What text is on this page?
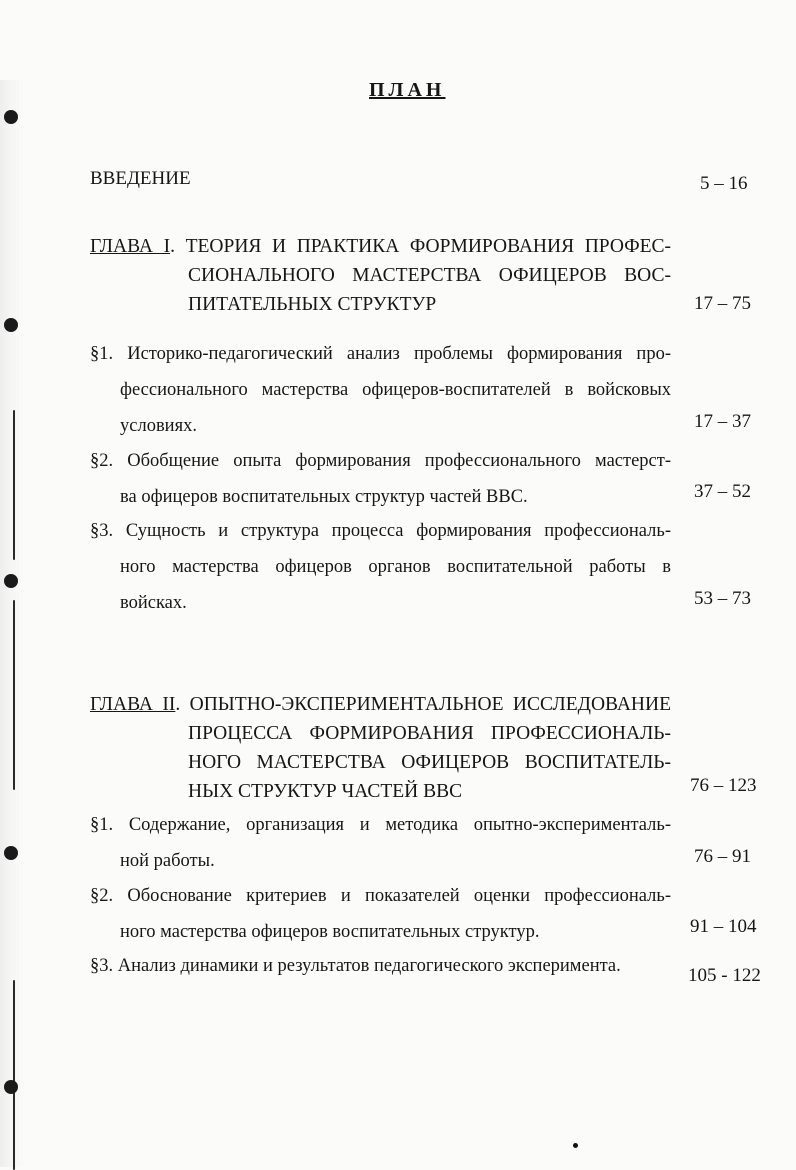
ПЛАН
ВВЕДЕНИЕ	5 – 16
ГЛАВА I. ТЕОРИЯ И ПРАКТИКА ФОРМИРОВАНИЯ ПРОФЕС-
СИОНАЛЬНОГО МАСТЕРСТВА ОФИЦЕРОВ ВОС-
ПИТАТЕЛЬНЫХ СТРУКТУР	17 – 75
§1. Историко-педагогический анализ проблемы формирования про-
фессионального мастерства офицеров-воспитателей в войсковых
условиях.	17 – 37
§2. Обобщение опыта формирования профессионального мастерст-
ва офицеров воспитательных структур частей ВВС.	37 – 52
§3. Сущность и структура процесса формирования профессиональ-
ного мастерства офицеров органов воспитательной работы в
войсках.	53 – 73
ГЛАВА II. ОПЫТНО-ЭКСПЕРИМЕНТАЛЬНОЕ ИССЛЕДОВАНИЕ
ПРОЦЕССА ФОРМИРОВАНИЯ ПРОФЕССИОНАЛЬ-
НОГО МАСТЕРСТВА ОФИЦЕРОВ ВОСПИТАТЕЛЬ-
НЫХ СТРУКТУР ЧАСТЕЙ ВВС	76 – 123
§1. Содержание, организация и методика опытно-эксперименталь-
ной работы.	76 – 91
§2. Обоснование критериев и показателей оценки профессиональ-
ного мастерства офицеров воспитательных структур.	91 – 104
§3. Анализ динамики и результатов педагогического эксперимента.	105 - 122
